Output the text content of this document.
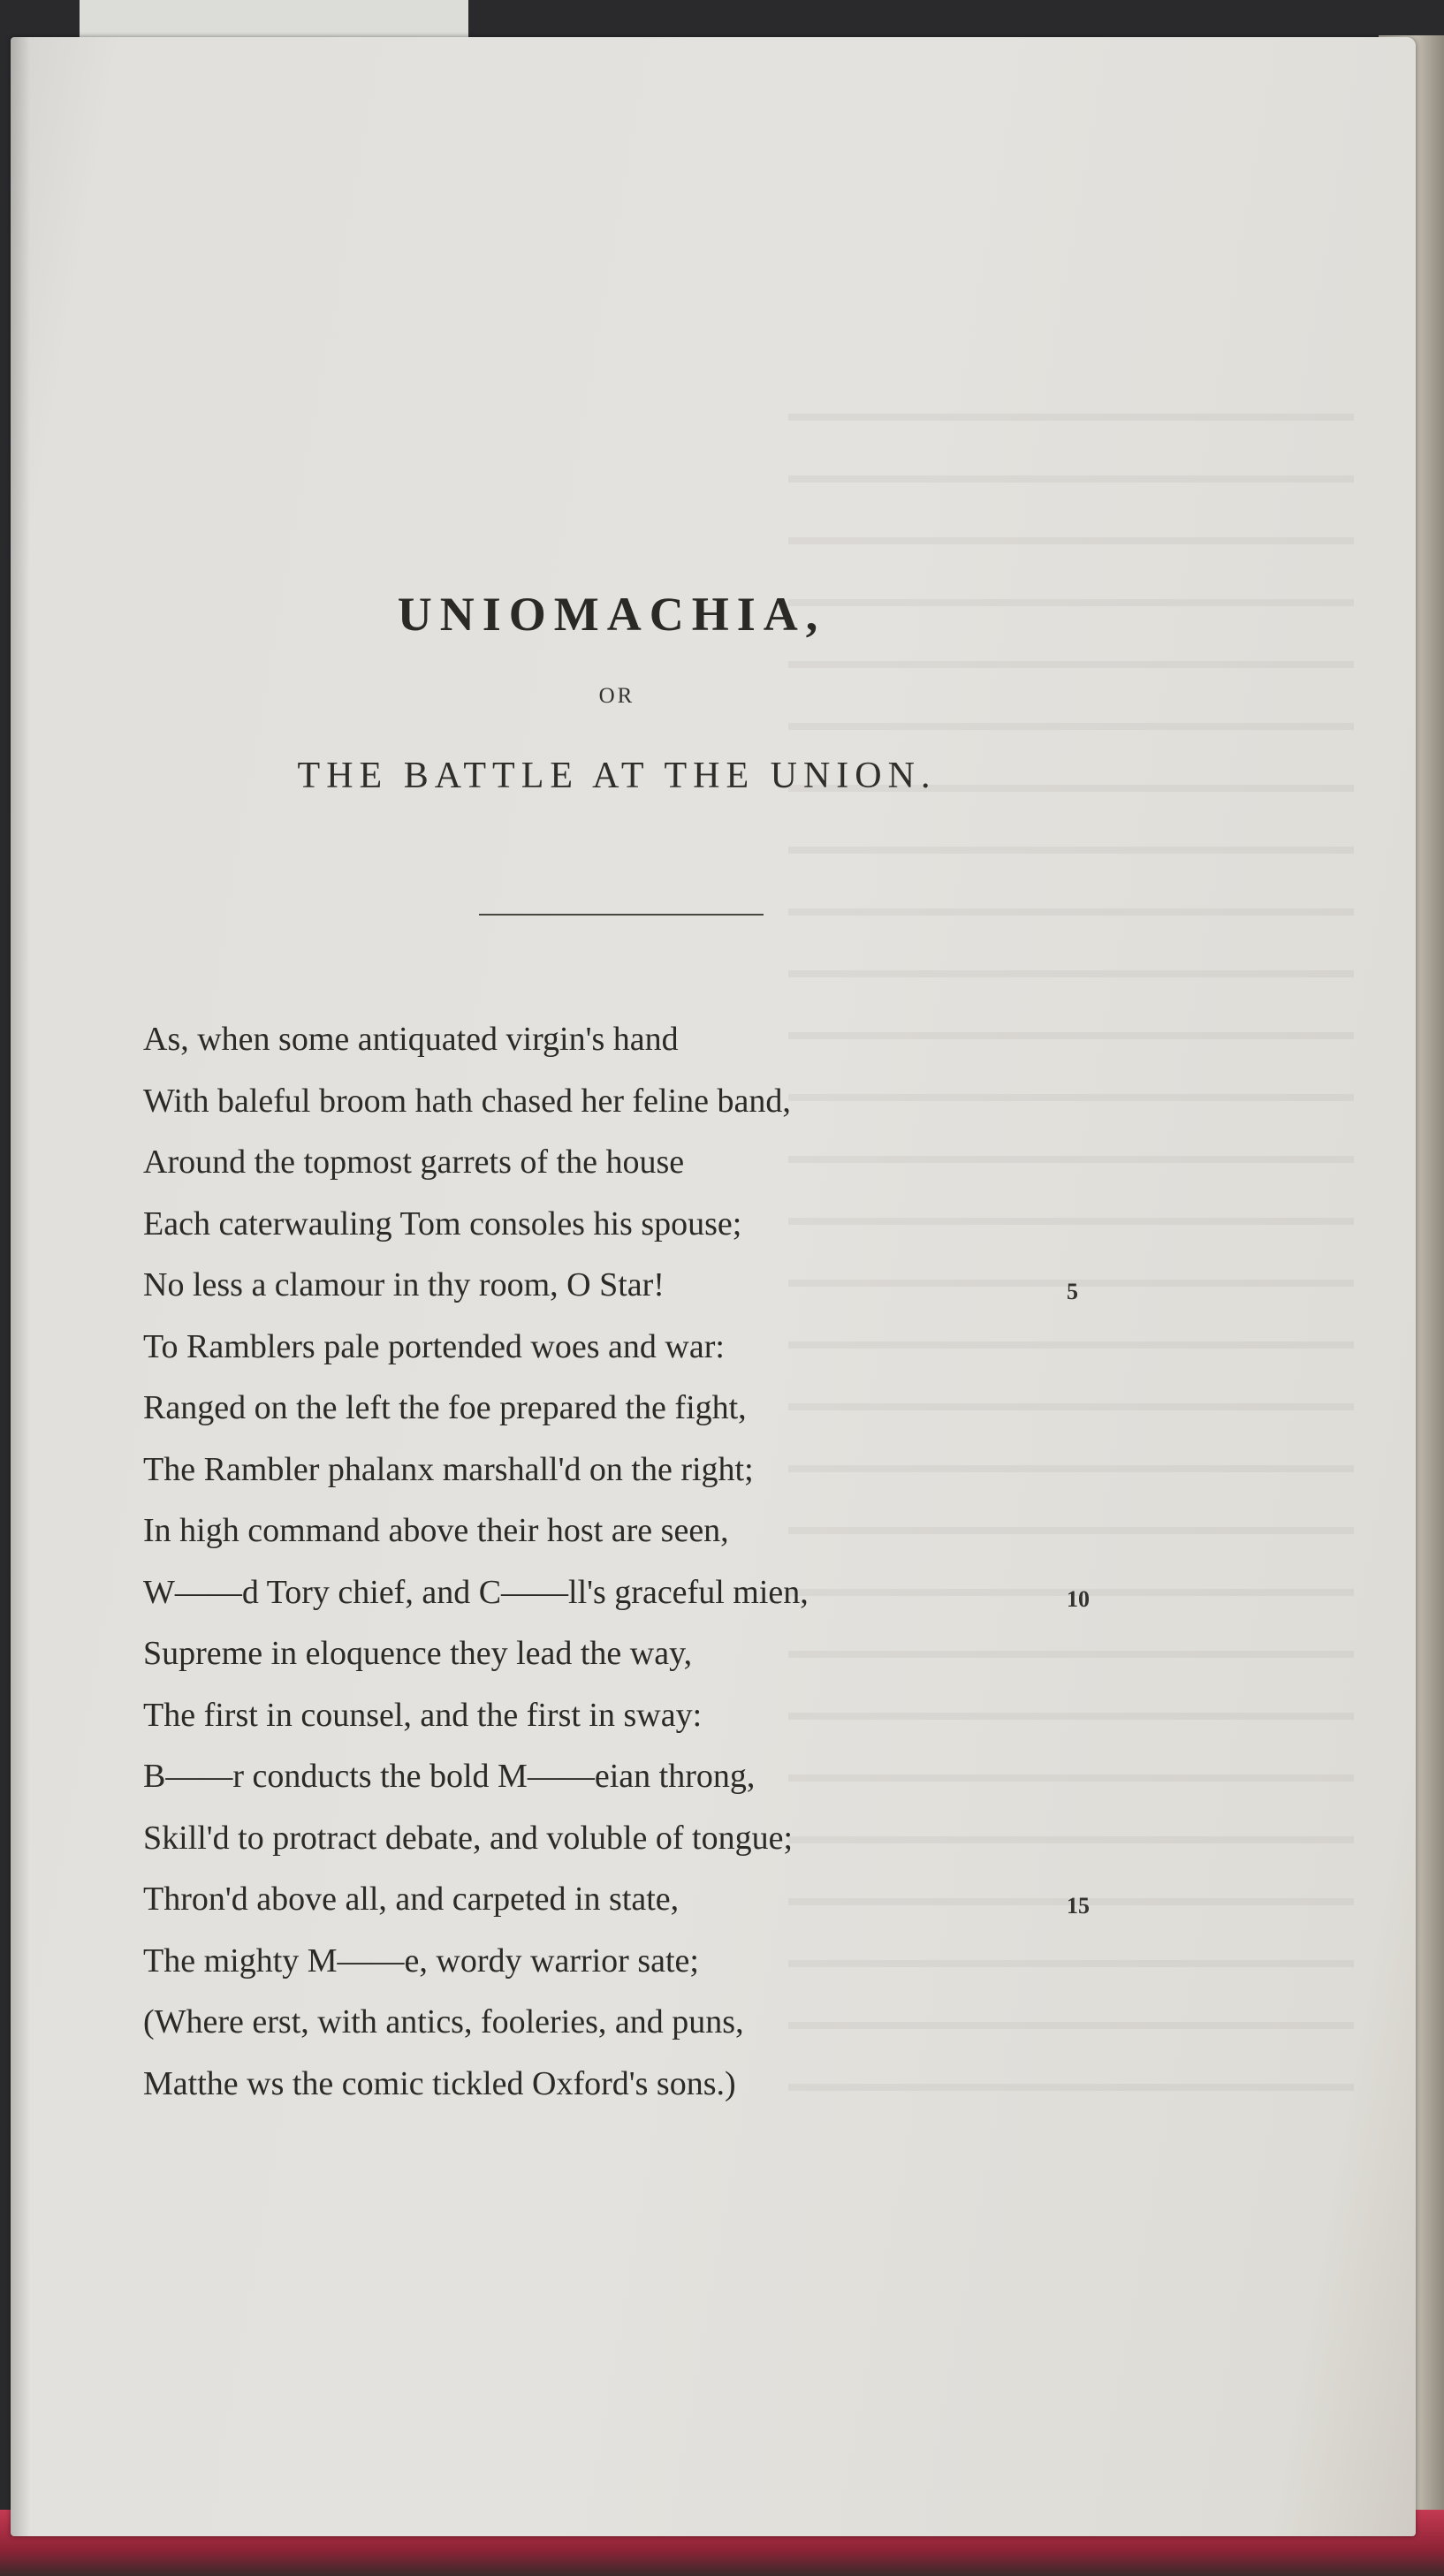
UNIOMACHIA,
OR
THE BATTLE AT THE UNION.
As, when some antiquated virgin's hand
With baleful broom hath chased her feline band,
Around the topmost garrets of the house
Each caterwauling Tom consoles his spouse;
No less a clamour in thy room, O Star!	5
To Ramblers pale portended woes and war:
Ranged on the left the foe prepared the fight,
The Rambler phalanx marshall'd on the right;
In high command above their host are seen,
W——d Tory chief, and C——ll's graceful mien,	10
Supreme in eloquence they lead the way,
The first in counsel, and the first in sway:
B——r conducts the bold M——eian throng,
Skill'd to protract debate, and voluble of tongue;
Thron'd above all, and carpeted in state,	15
The mighty M——e, wordy warrior sate;
(Where erst, with antics, fooleries, and puns,
Matthe ws the comic tickled Oxford's sons.)
